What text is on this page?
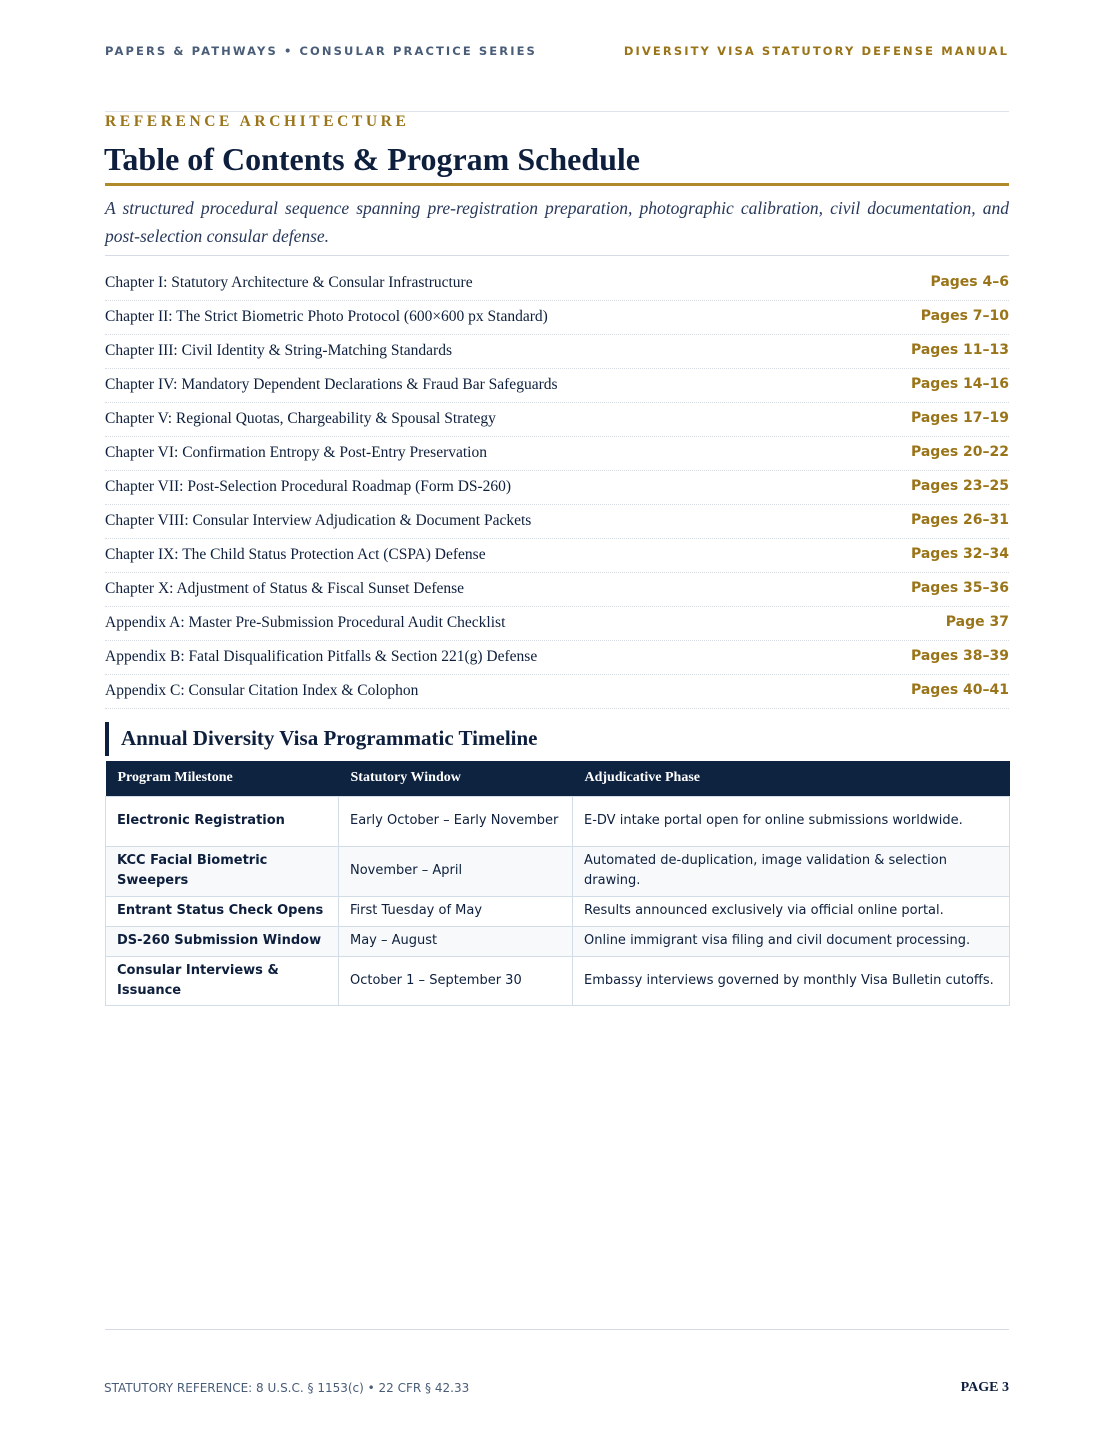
PAPERS & PATHWAYS • CONSULAR PRACTICE SERIES	DIVERSITY VISA STATUTORY DEFENSE MANUAL
REFERENCE ARCHITECTURE
Table of Contents & Program Schedule

A structured procedural sequence spanning pre-registration preparation, photographic calibration, civil documentation, and post-selection consular defense.

Chapter I: Statutory Architecture & Consular Infrastructure	Pages 4–6
Chapter II: The Strict Biometric Photo Protocol (600×600 px Standard)	Pages 7–10
Chapter III: Civil Identity & String-Matching Standards	Pages 11–13
Chapter IV: Mandatory Dependent Declarations & Fraud Bar Safeguards	Pages 14–16
Chapter V: Regional Quotas, Chargeability & Spousal Strategy	Pages 17–19
Chapter VI: Confirmation Entropy & Post-Entry Preservation	Pages 20–22
Chapter VII: Post-Selection Procedural Roadmap (Form DS-260)	Pages 23–25
Chapter VIII: Consular Interview Adjudication & Document Packets	Pages 26–31
Chapter IX: The Child Status Protection Act (CSPA) Defense	Pages 32–34
Chapter X: Adjustment of Status & Fiscal Sunset Defense	Pages 35–36
Appendix A: Master Pre-Submission Procedural Audit Checklist	Page 37
Appendix B: Fatal Disqualification Pitfalls & Section 221(g) Defense	Pages 38–39
Appendix C: Consular Citation Index & Colophon	Pages 40–41
Annual Diversity Visa Programmatic Timeline
Program Milestone	Statutory Window	Adjudicative Phase
Electronic Registration	Early October – Early November	E-DV intake portal open for online submissions worldwide.
KCC Facial Biometric Sweepers	November – April	Automated de-duplication, image validation & selection drawing.
Entrant Status Check Opens	First Tuesday of May	Results announced exclusively via official online portal.
DS-260 Submission Window	May – August	Online immigrant visa filing and civil document processing.
Consular Interviews & Issuance	October 1 – September 30	Embassy interviews governed by monthly Visa Bulletin cutoffs.
STATUTORY REFERENCE: 8 U.S.C. § 1153(c) • 22 CFR § 42.33	PAGE 3
